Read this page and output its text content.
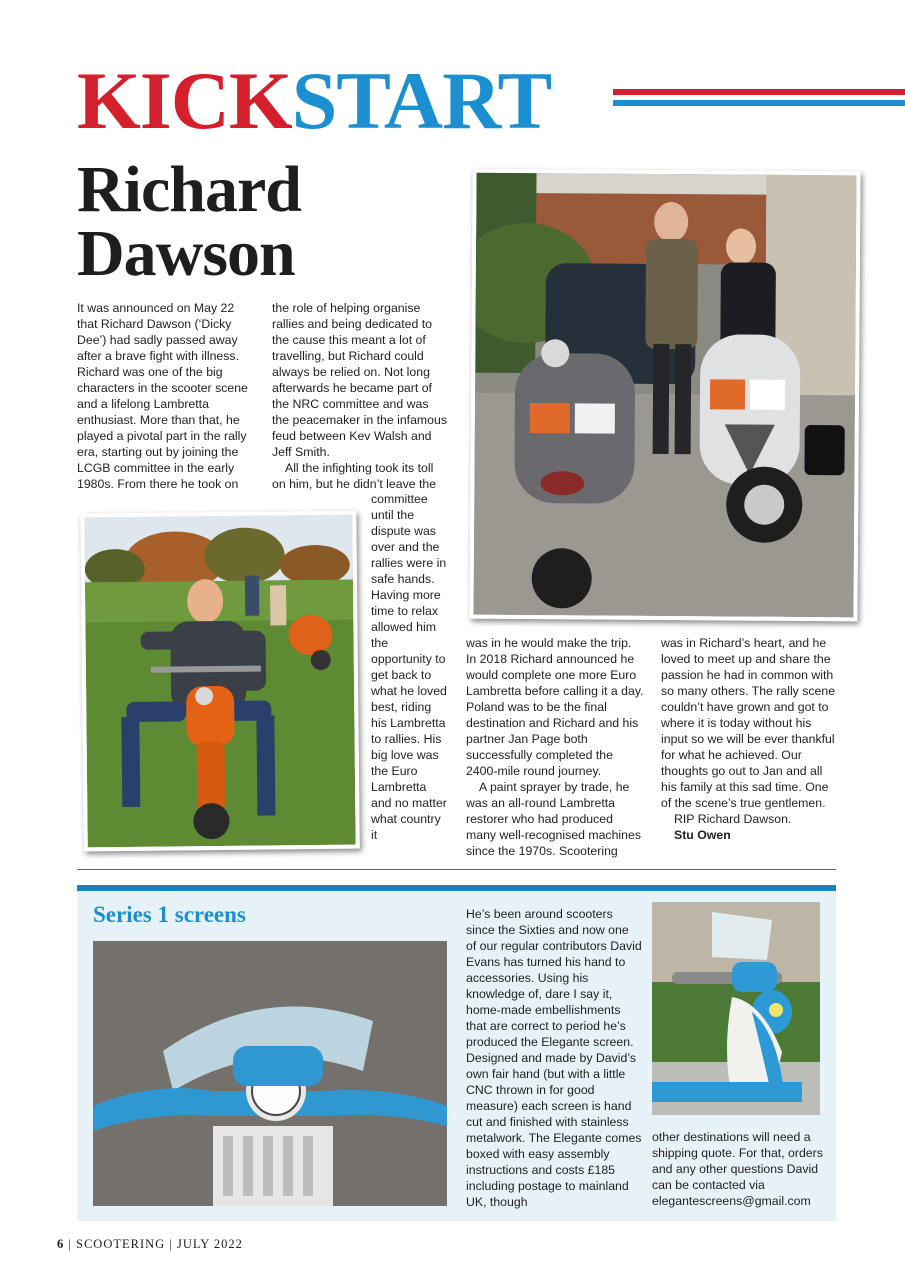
KICKSTART
Richard Dawson

It was announced on May 22 that Richard Dawson (‘Dicky Dee’) had sadly passed away after a brave fight with illness. Richard was one of the big characters in the scooter scene and a lifelong Lambretta enthusiast. More than that, he played a pivotal part in the rally era, starting out by joining the LCGB committee in the early 1980s. From there he took on

the role of helping organise rallies and being dedicated to the cause this meant a lot of travelling, but Richard could always be relied on. Not long afterwards he became part of the NRC committee and was the peacemaker in the infamous feud between Kev Walsh and Jeff Smith.

All the infighting took its toll on him, but he didn’t leave the

committee until the dispute was over and the rallies were in safe hands. Having more time to relax allowed him the opportunity to get back to what he loved best, riding his Lambretta to rallies. His big love was the Euro Lambretta and no matter what country it

was in he would make the trip. In 2018 Richard announced he would complete one more Euro Lambretta before calling it a day. Poland was to be the final destination and Richard and his partner Jan Page both successfully completed the 2400-mile round journey.

A paint sprayer by trade, he was an all-round Lambretta restorer who had produced many well-recognised machines since the 1970s. Scootering

was in Richard’s heart, and he loved to meet up and share the passion he had in common with so many others. The rally scene couldn’t have grown and got to where it is today without his input so we will be ever thankful for what he achieved. Our thoughts go out to Jan and all his family at this sad time. One of the scene’s true gentlemen.

RIP Richard Dawson.

Stu Owen

Series 1 screens	He’s been around scooters since the Sixties and now one of our regular contributors David Evans has turned his hand to accessories. Using his knowledge of, dare I say it, home-made embellishments that are correct to period he’s produced the Elegante screen. Designed and made by David’s own fair hand (but with a little CNC thrown in for good measure) each screen is hand cut and finished with stainless metalwork. The Elegante comes boxed with easy assembly instructions and costs £185 including postage to mainland UK, though

other destinations will need a shipping quote. For that, orders and any other questions David can be contacted via elegantescreens@gmail.com

6 | SCOOTERING | JULY 2022
